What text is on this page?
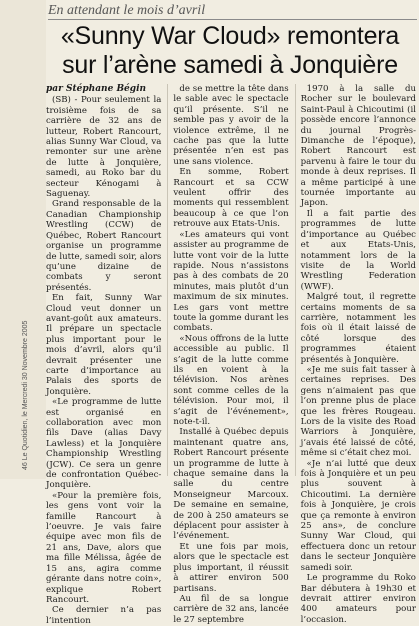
46 Le Quotidien, le Mercredi 30 Novembre 2005
En attendant le mois d’avril
«Sunny War Cloud» remontera
sur l’arène samedi à Jonquière
par Stéphane Bégin

(SB) - Pour seulement la troisième fois de sa carrière de 32 ans de lutteur, Robert Rancourt, alias Sunny War Cloud, va remonter sur une arène de lutte à Jonquière, samedi, au Roko bar du secteur Kénogami à Saguenay.

Grand responsable de la Canadian Championship Wrestling (CCW) de Québec, Robert Rancourt organise un programme de lutte, samedi soir, alors qu’une dizaine de combats y seront présentés.

En fait, Sunny War Cloud veut donner un avant-goût aux amateurs. Il prépare un spectacle plus important pour le mois d’avril, alors qu’il devrait présenter une carte d’importance au Palais des sports de Jonquière.

«Le programme de lutte est organisé en collaboration avec mon fils Dave (alias Davy Lawless) et la Jonquière Championship Wrestling (JCW). Ce sera un genre de confrontation Québec-Jonquière.

«Pour la première fois, les gens vont voir la famille Rancourt à l’oeuvre. Je vais faire équipe avec mon fils de 21 ans, Dave, alors que ma fille Mélissa, âgée de 15 ans, agira comme gérante dans notre coin», explique Robert Rancourt.

Ce dernier n’a pas l’intention

de se mettre la tête dans le sable avec le spectacle qu’il présente. S’il ne semble pas y avoir de la violence extrême, il ne cache pas que la lutte présentée n’en est pas une sans violence.

En somme, Robert Rancourt et sa CCW veulent offrir des moments qui ressemblent beaucoup à ce que l’on retrouve aux Etats-Unis.

«Les amateurs qui vont assister au programme de lutte vont voir de la lutte rapide. Nous n’assistons pas à des combats de 20 minutes, mais plutôt d’un maximum de six minutes. Les gars vont mettre toute la gomme durant les combats.

«Nous offrons de la lutte accessible au public. Il s’agit de la lutte comme ils en voient à la télévision. Nos arènes sont comme celles de la télévision. Pour moi, il s’agit de l’événement», note-t-il.

Installé à Québec depuis maintenant quatre ans, Robert Rancourt présente un programme de lutte à chaque semaine dans la salle du centre Monseigneur Marcoux. De semaine en semaine, de 200 à 250 amateurs se déplacent pour assister à l’événement.

Et une fois par mois, alors que le spectacle est plus important, il réussit à attirer environ 500 partisans.

Au fil de sa longue carrière de 32 ans, lancée le 27 septembre

1970 à la salle du Rocher sur le boulevard Saint-Paul à Chicoutimi (il possède encore l’annonce du journal Progrès-Dimanche de l’époque), Robert Rancourt est parvenu à faire le tour du monde à deux reprises. Il a même participé à une tournée importante au Japon.

Il a fait partie des programmes de lutte d’importance au Québec et aux Etats-Unis, notamment lors de la visite de la World Wrestling Federation (WWF).

Malgré tout, il regrette certains moments de sa carrière, notamment les fois où il était laissé de côté lorsque des programmes étaient présentés à Jonquière.

«Je me suis fait tasser à certaines reprises. Des gens n’aimaient pas que l’on prenne plus de place que les frères Rougeau. Lors de la visite des Road Warriors à Jonquière, j’avais été laissé de côté, même si c’était chez moi.

«Je n’ai lutté que deux fois à Jonquière et un peu plus souvent à Chicoutimi. La dernière fois à Jonquière, je crois que ça remonte à environ 25 ans», de conclure Sunny War Cloud, qui effectuera donc un retour dans le secteur Jonquière samedi soir.

Le programme du Roko Bar débutera à 19h30 et devrait attirer environ 400 amateurs pour l’occasion.
